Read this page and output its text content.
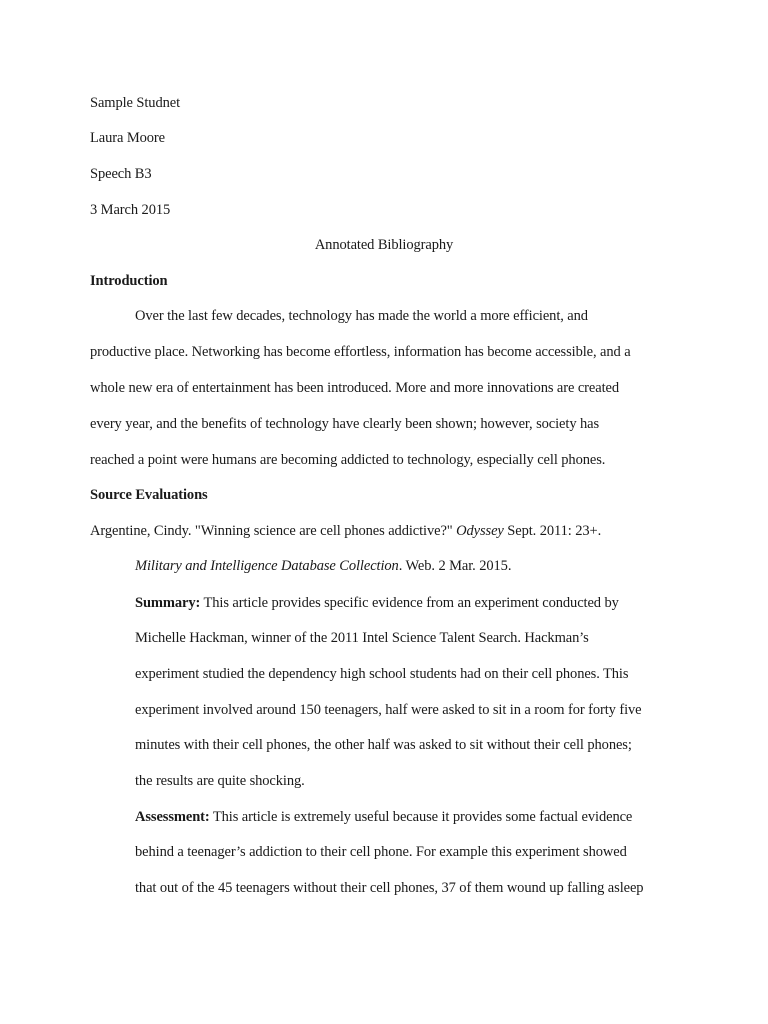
Sample Studnet
Laura Moore
Speech B3
3 March 2015
Annotated Bibliography
Introduction
Over the last few decades, technology has made the world a more efficient, and
productive place. Networking has become effortless, information has become accessible, and a
whole new era of entertainment has been introduced. More and more innovations are created
every year, and the benefits of technology have clearly been shown; however, society has
reached a point were humans are becoming addicted to technology, especially cell phones.
Source Evaluations
Argentine, Cindy. "Winning science are cell phones addictive?" Odyssey Sept. 2011: 23+.
Military and Intelligence Database Collection. Web. 2 Mar. 2015.
Summary: This article provides specific evidence from an experiment conducted by
Michelle Hackman, winner of the 2011 Intel Science Talent Search. Hackman’s
experiment studied the dependency high school students had on their cell phones. This
experiment involved around 150 teenagers, half were asked to sit in a room for forty five
minutes with their cell phones, the other half was asked to sit without their cell phones;
the results are quite shocking.
Assessment: This article is extremely useful because it provides some factual evidence
behind a teenager’s addiction to their cell phone. For example this experiment showed
that out of the 45 teenagers without their cell phones, 37 of them wound up falling asleep
